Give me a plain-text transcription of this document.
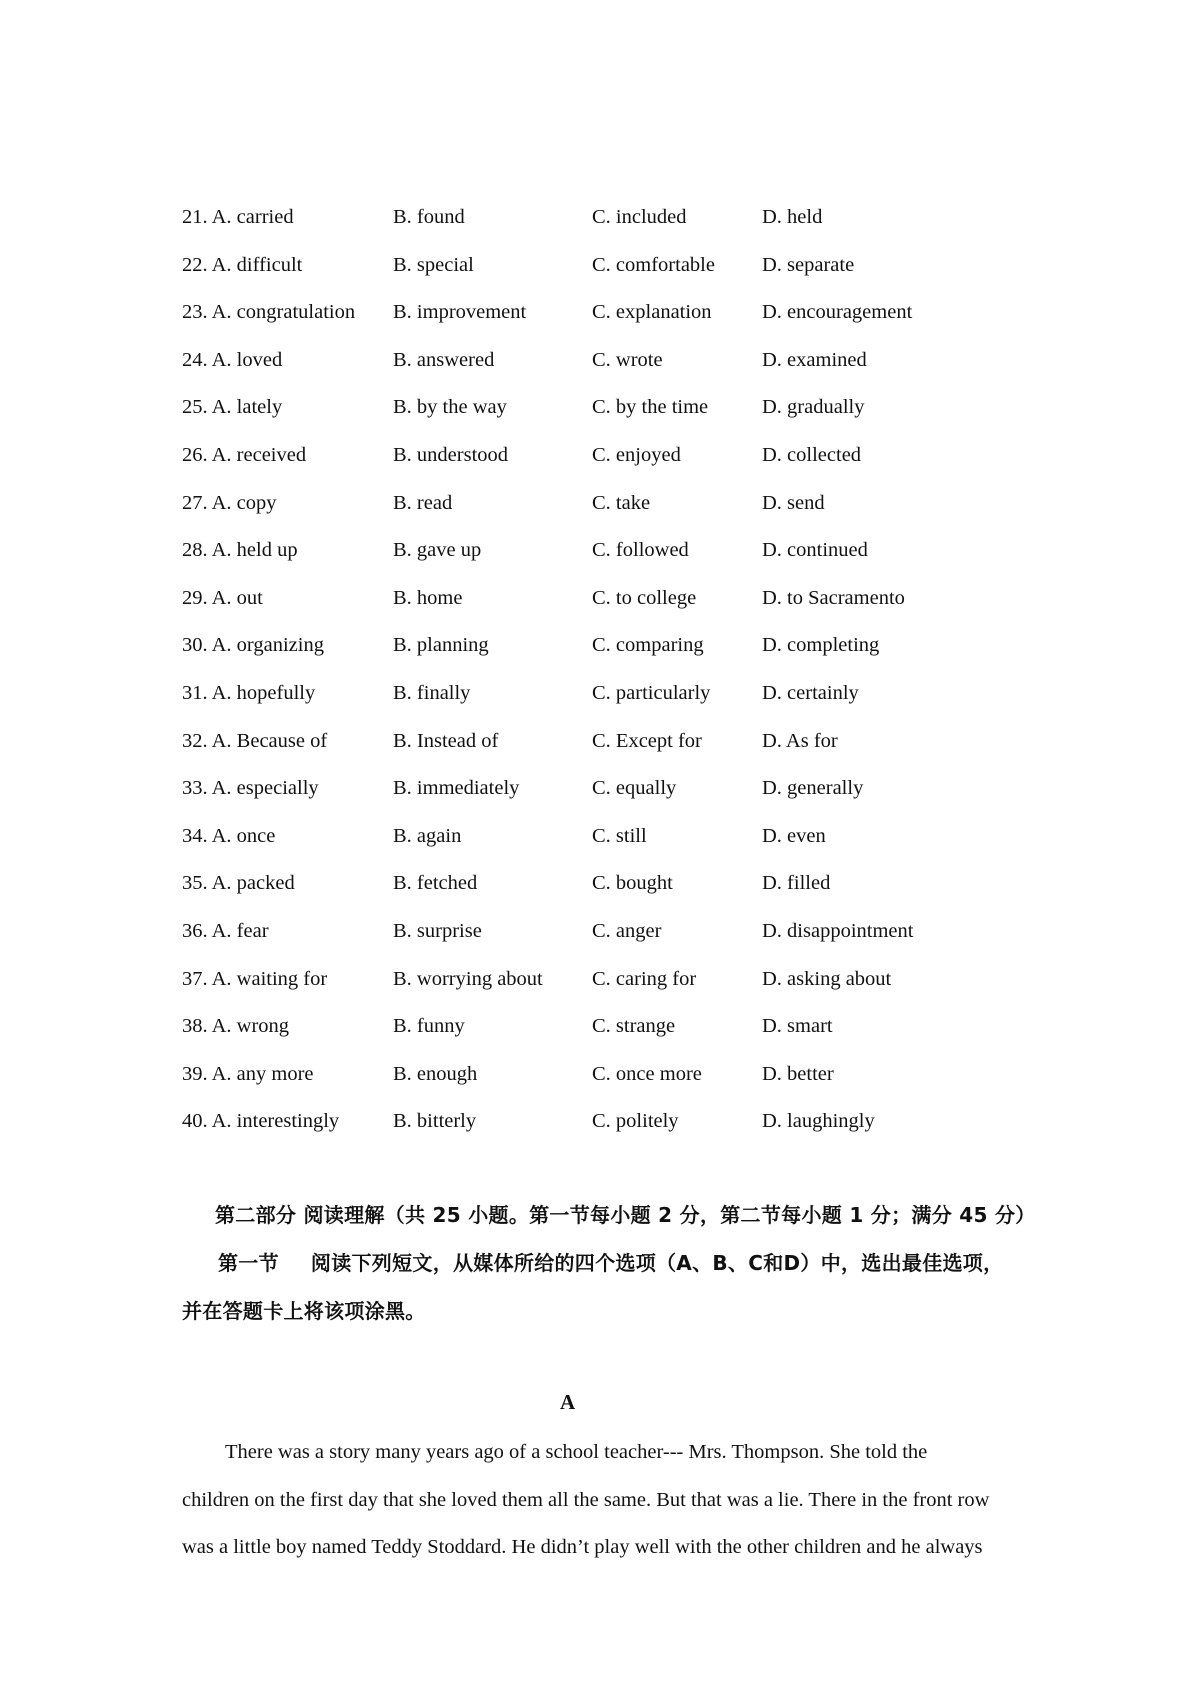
21. A. carried	B. found	C. included	D. held
22. A. difficult	B. special	C. comfortable D. separate
23. A. congratulation B. improvement	C. explanation D. encouragement
24. A. loved	B. answered	C. wrote	D. examined
25. A. lately	B. by the way	C. by the time	D. gradually
26. A. received	B. understood	C. enjoyed	D. collected
27. A. copy	B. read	C. take	D. send
28. A. held up	B. gave up	C. followed	D. continued
29. A. out	B. home	C. to college	D. to Sacramento
30. A. organizing	B. planning	C. comparing	D. completing
31. A. hopefully	B. finally	C. particularly	D. certainly
32. A. Because of	B. Instead of	C. Except for	D. As for
33. A. especially	B. immediately	C. equally	D. generally
34. A. once	B. again	C. still	D. even
35. A. packed	B. fetched	C. bought	D. filled
36. A. fear	B. surprise	C. anger	D. disappointment
37. A. waiting for	B. worrying about C. caring for	D. asking about
38. A. wrong	B. funny	C. strange	D. smart
39. A. any more	B. enough	C. once more	D. better
40. A. interestingly	B. bitterly	C. politely	D. laughingly
第二部分 阅读理解（共 25 小题。第一节每小题 2 分，第二节每小题 1 分；满分 45 分）
第一节 阅读下列短文，从媒体所给的四个选项（A、B、C和D）中，选出最佳选项，
并在答题卡上将该项涂黑。
A
There was a story many years ago of a school teacher--- Mrs. Thompson. She told the
children on the first day that she loved them all the same. But that was a lie. There in the front row
was a little boy named Teddy Stoddard. He didn’t play well with the other children and he always
